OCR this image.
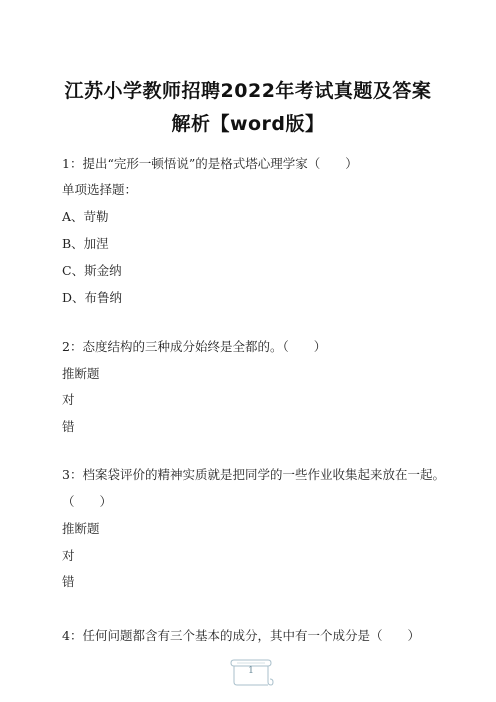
江苏小学教师招聘2022年考试真题及答案
解析【word版】
1：提出“完形一顿悟说”的是格式塔心理学家（　　）
单项选择题：
A、苛勒
B、加涅
C、斯金纳
D、布鲁纳
2：态度结构的三种成分始终是全都的。（　　）
推断题
对
错
3：档案袋评价的精神实质就是把同学的一些作业收集起来放在一起。
（　　）
推断题
对
错
4：任何问题都含有三个基本的成分，其中有一个成分是（　　）
1
